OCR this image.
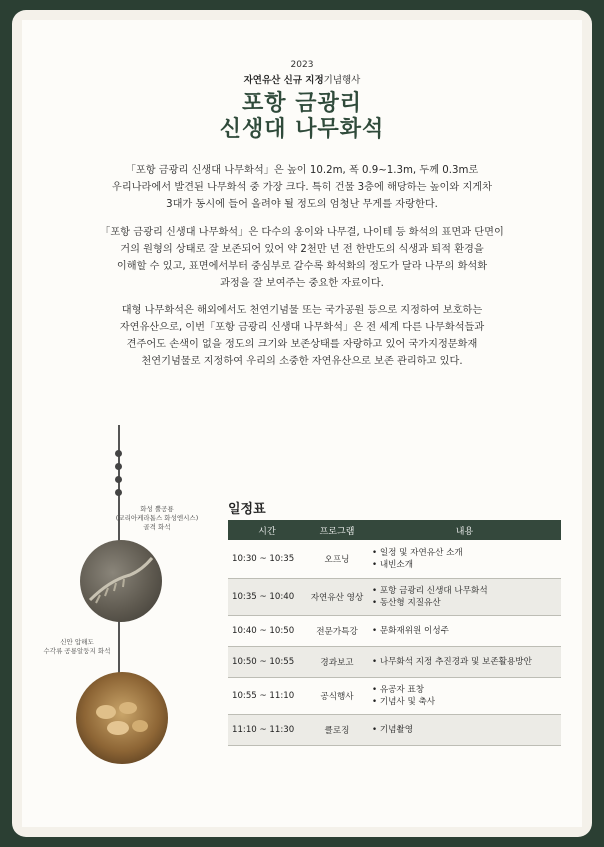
2023
자연유산 신규 지정기념행사
포항 금광리
신생대 나무화석
「포항 금광리 신생대 나무화석」은 높이 10.2m, 폭 0.9~1.3m, 두께 0.3m로
우리나라에서 발견된 나무화석 중 가장 크다. 특히 건물 3층에 해당하는 높이와 지게차
3대가 동시에 들어 올려야 될 정도의 엄청난 무게를 자랑한다.
「포항 금광리 신생대 나무화석」은 다수의 옹이와 나무결, 나이테 등 화석의 표면과 단면이
거의 원형의 상태로 잘 보존되어 있어 약 2천만 년 전 한반도의 식생과 퇴적 환경을
이해할 수 있고, 표면에서부터 중심부로 갈수록 화석화의 정도가 달라 나무의 화석화
과정을 잘 보여주는 중요한 자료이다.
대형 나무화석은 해외에서도 천연기념물 또는 국가공원 등으로 지정하여 보호하는
자연유산으로, 이번「포항 금광리 신생대 나무화석」은 전 세계 다른 나무화석들과
견주어도 손색이 없을 정도의 크기와 보존상태를 자랑하고 있어 국가지정문화재
천연기념물로 지정하여 우리의 소중한 자연유산으로 보존 관리하고 있다.
화성 뿔공룡
(코리아케라톱스 화성엔시스)
골격 화석
신안 압해도
수각류 공룡알둥지 화석
일정표
시간	프로그램	내용
10:30 ~ 10:35	오프닝	• 일정 및 자연유산 소개
• 내빈소개

10:35 ~ 10:40	자연유산 영상	• 포항 금광리 신생대 나무화석
• 동산형 지질유산

10:40 ~ 10:50	전문가특강	• 문화재위원 이성주

10:50 ~ 10:55	경과보고	• 나무화석 지정 추진경과 및 보존활용방안

10:55 ~ 11:10	공식행사	• 유공자 표창
• 기념사 및 축사

11:10 ~ 11:30	클로징	• 기념촬영
